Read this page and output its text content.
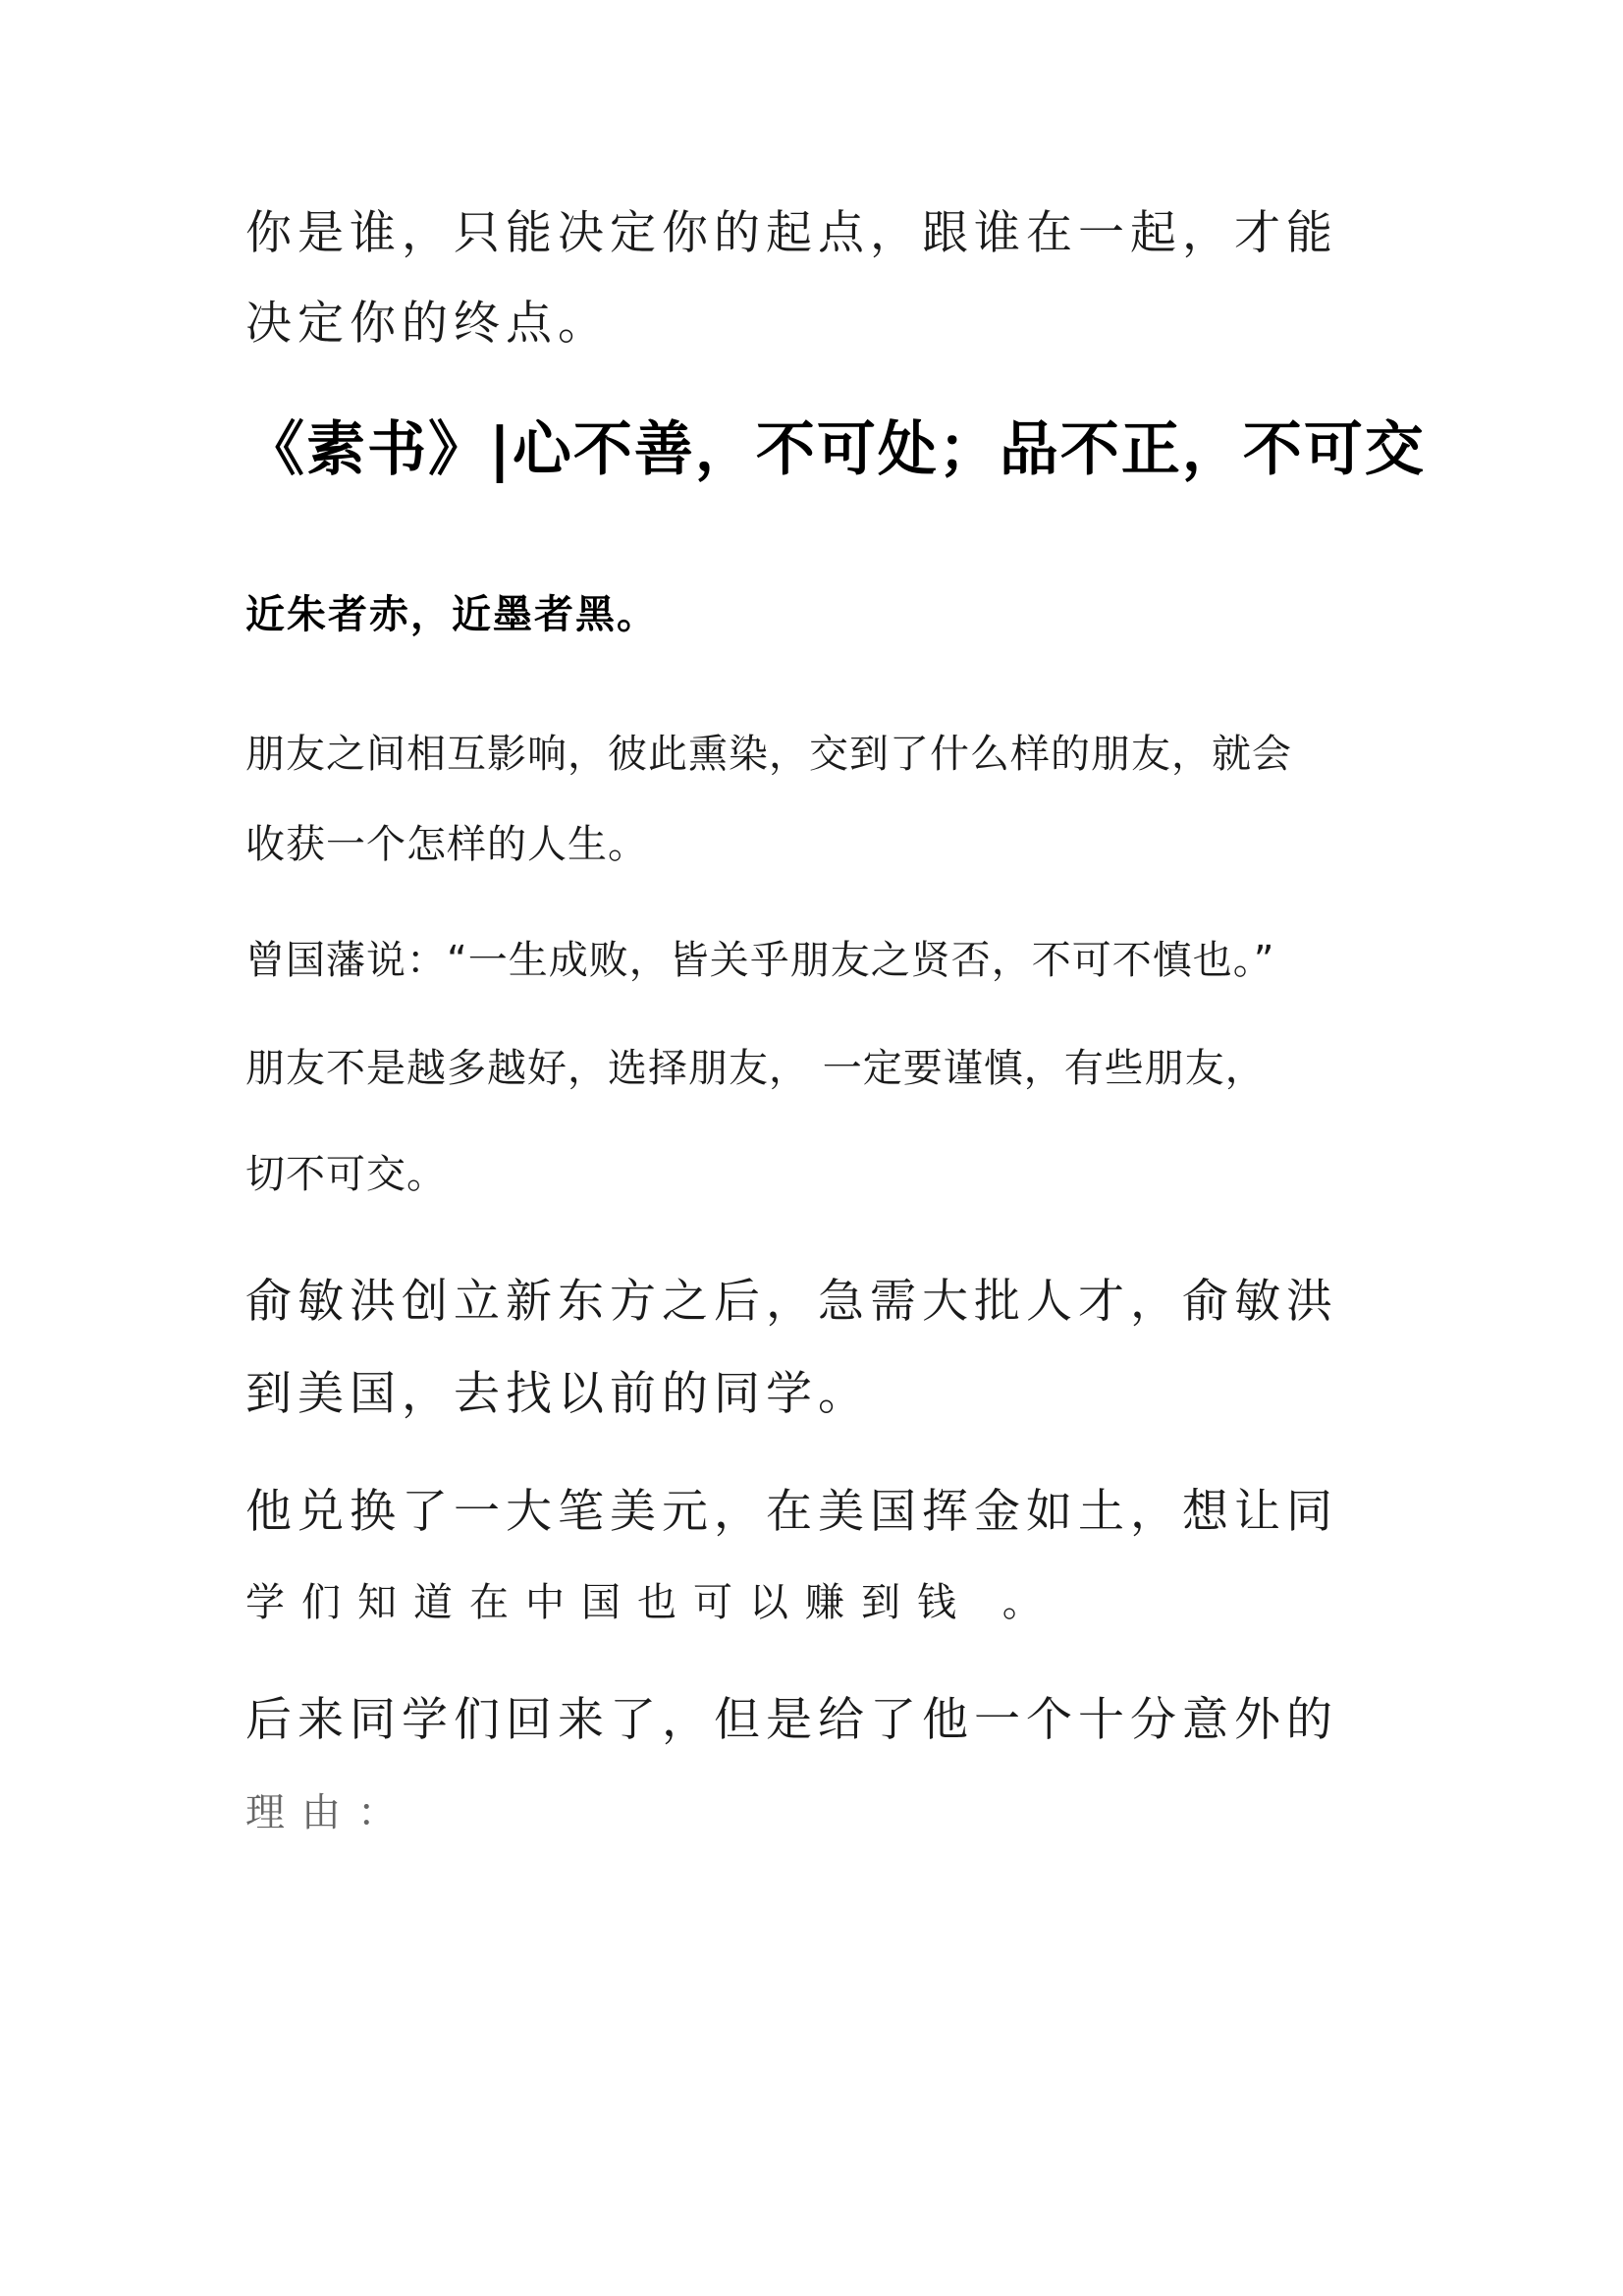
你是谁，只能决定你的起点，跟谁在一起，才能
决定你的终点。
《素书》|心不善，不可处；品不正，不可交
近朱者赤，近墨者黑。
朋友之间相互影响，彼此熏染，交到了什么样的朋友，就会
收获一个怎样的人生。
曾国藩说：“一生成败，皆关乎朋友之贤否，不可不慎也。”
朋友不是越多越好，选择朋友， 一定要谨慎，有些朋友，
切不可交。
俞敏洪创立新东方之后，急需大批人才，俞敏洪
到美国，去找以前的同学。
他兑换了一大笔美元，在美国挥金如土，想让同
学们知道在中国也可以赚到钱 。
后来同学们回来了，但是给了他一个十分意外的
理由：
